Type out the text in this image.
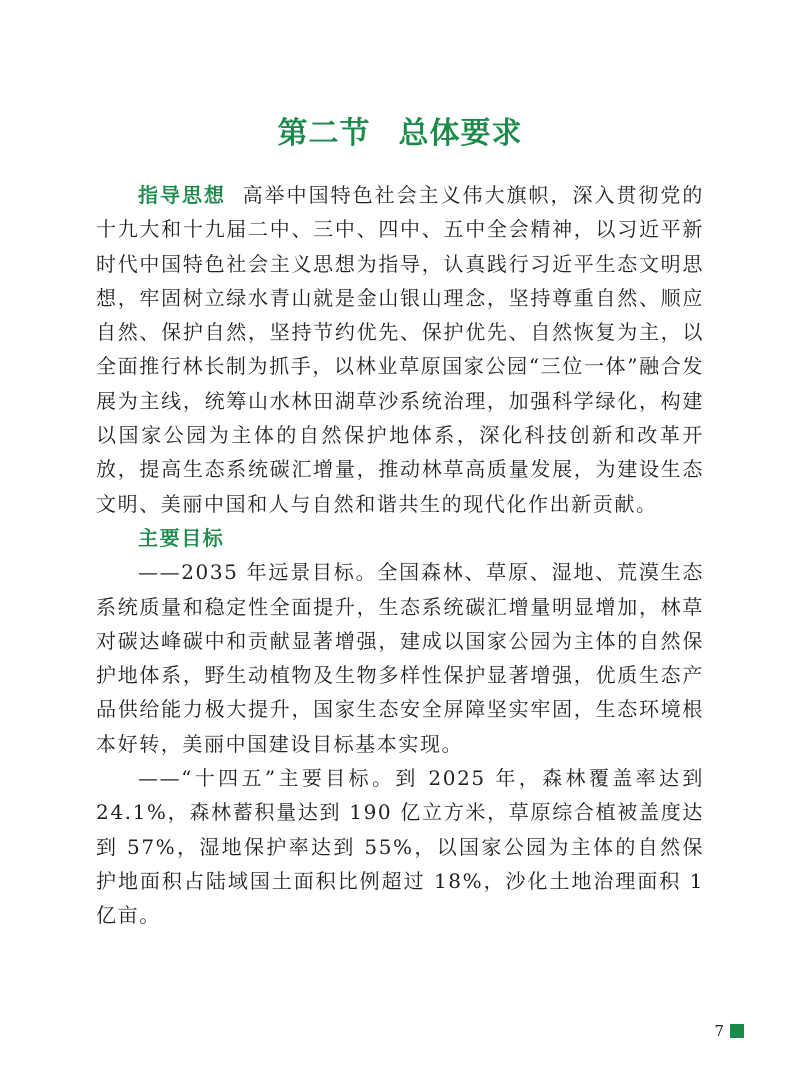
第二节 总体要求

指导思想 高举中国特色社会主义伟大旗帜，深入贯彻党的十九大和十九届二中、三中、四中、五中全会精神，以习近平新时代中国特色社会主义思想为指导，认真践行习近平生态文明思想，牢固树立绿水青山就是金山银山理念，坚持尊重自然、顺应自然、保护自然，坚持节约优先、保护优先、自然恢复为主，以全面推行林长制为抓手，以林业草原国家公园“三位一体”融合发展为主线，统筹山水林田湖草沙系统治理，加强科学绿化，构建以国家公园为主体的自然保护地体系，深化科技创新和改革开放，提高生态系统碳汇增量，推动林草高质量发展，为建设生态文明、美丽中国和人与自然和谐共生的现代化作出新贡献。

主要目标

——2035 年远景目标。全国森林、草原、湿地、荒漠生态系统质量和稳定性全面提升，生态系统碳汇增量明显增加，林草对碳达峰碳中和贡献显著增强，建成以国家公园为主体的自然保护地体系，野生动植物及生物多样性保护显著增强，优质生态产品供给能力极大提升，国家生态安全屏障坚实牢固，生态环境根本好转，美丽中国建设目标基本实现。

——“十四五”主要目标。到 2025 年，森林覆盖率达到 24.1%，森林蓄积量达到 190 亿立方米，草原综合植被盖度达到 57%，湿地保护率达到 55%，以国家公园为主体的自然保护地面积占陆域国土面积比例超过 18%，沙化土地治理面积 1 亿亩。

7
